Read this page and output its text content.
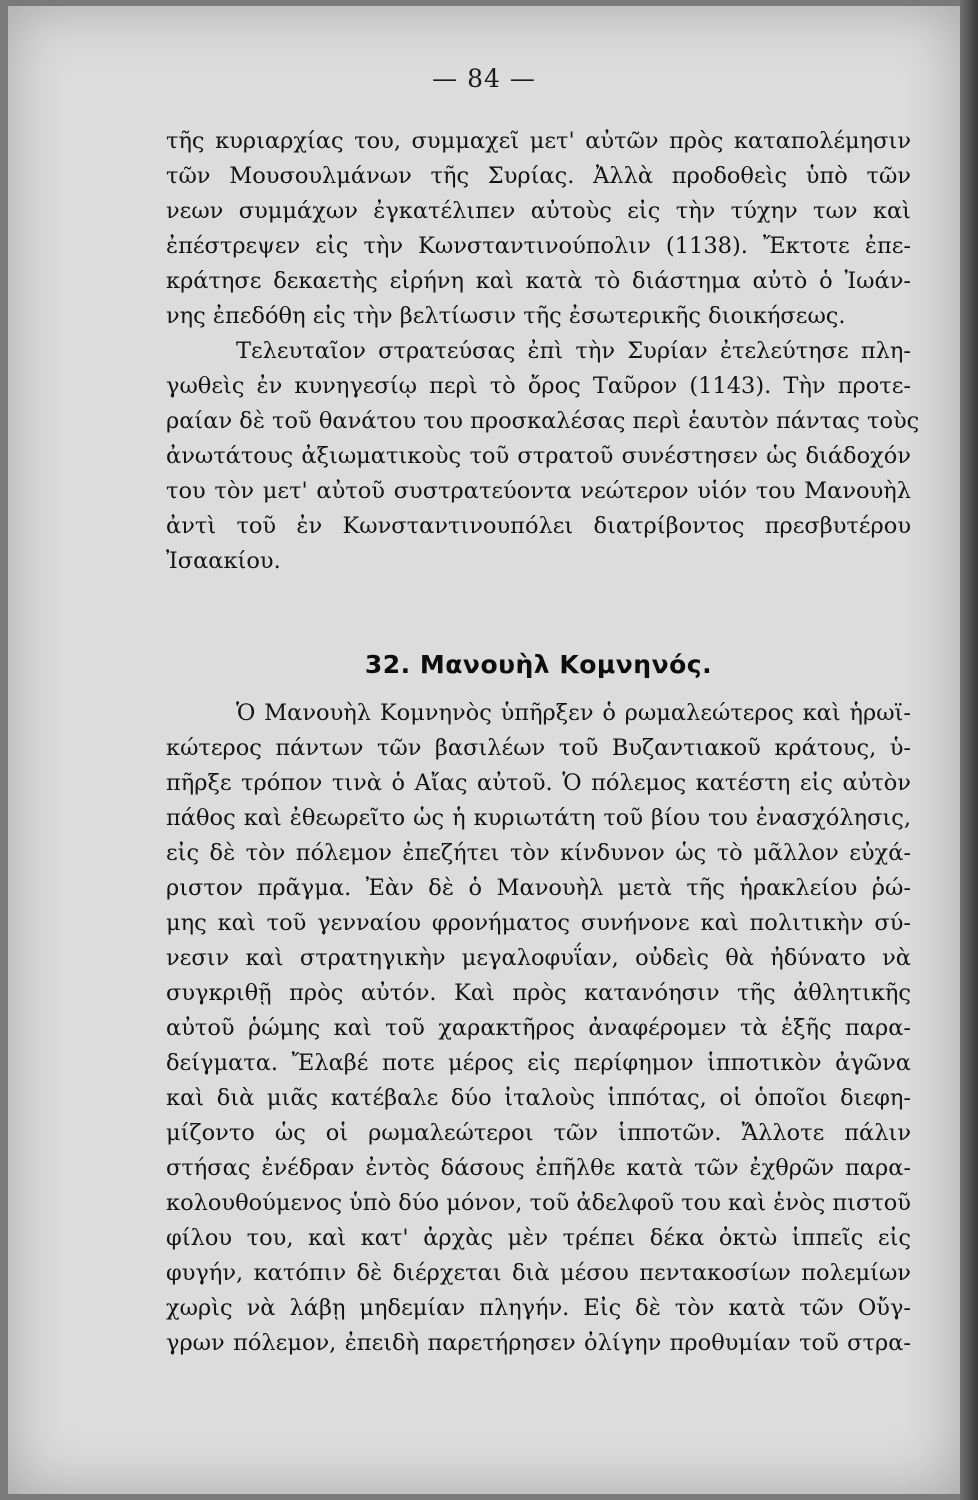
— 84 —
τῆς κυριαρχίας του, συμμαχεῖ μετ' αὐτῶν πρὸς καταπολέμησιν
τῶν Μουσουλμάνων τῆς Συρίας. Ἀλλὰ προδοθεὶς ὑπὸ τῶν
νεων συμμάχων ἐγκατέλιπεν αὐτοὺς εἰς τὴν τύχην των καὶ
ἐπέστρεψεν εἰς τὴν Κωνσταντινούπολιν (1138). Ἔκτοτε ἐπε-
κράτησε δεκαετὴς εἰρήνη καὶ κατὰ τὸ διάστημα αὐτὸ ὁ Ἰωάν-
νης ἐπεδόθη εἰς τὴν βελτίωσιν τῆς ἐσωτερικῆς διοικήσεως.
Τελευταῖον στρατεύσας ἐπὶ τὴν Συρίαν ἐτελεύτησε πλη-
γωθεὶς ἐν κυνηγεσίῳ περὶ τὸ ὄρος Ταῦρον (1143). Τὴν προτε-
ραίαν δὲ τοῦ θανάτου του προσκαλέσας περὶ ἑαυτὸν πάντας τοὺς
ἀνωτάτους ἀξιωματικοὺς τοῦ στρατοῦ συνέστησεν ὡς διάδοχόν
του τὸν μετ' αὐτοῦ συστρατεύοντα νεώτερον υἱόν του Μανουὴλ
ἀντὶ τοῦ ἐν Κωνσταντινουπόλει διατρίβοντος πρεσβυτέρου
Ἰσαακίου.
32. Μανουὴλ Κομνηνός.
Ὁ Μανουὴλ Κομνηνὸς ὑπῆρξεν ὁ ρωμαλεώτερος καὶ ἡρωϊ-
κώτερος πάντων τῶν βασιλέων τοῦ Βυζαντιακοῦ κράτους, ὑ-
πῆρξε τρόπον τινὰ ὁ Αἴας αὐτοῦ. Ὁ πόλεμος κατέστη εἰς αὐτὸν
πάθος καὶ ἐθεωρεῖτο ὡς ἡ κυριωτάτη τοῦ βίου του ἐνασχόλησις,
εἰς δὲ τὸν πόλεμον ἐπεζήτει τὸν κίνδυνον ὡς τὸ μᾶλλον εὐχά-
ριστον πρᾶγμα. Ἐὰν δὲ ὁ Μανουὴλ μετὰ τῆς ἡρακλείου ῥώ-
μης καὶ τοῦ γενναίου φρονήματος συνήνονε καὶ πολιτικὴν σύ-
νεσιν καὶ στρατηγικὴν μεγαλοφυΐαν, οὐδεὶς θὰ ἠδύνατο νὰ
συγκριθῇ πρὸς αὐτόν. Καὶ πρὸς κατανόησιν τῆς ἀθλητικῆς
αὐτοῦ ῥώμης καὶ τοῦ χαρακτῆρος ἀναφέρομεν τὰ ἑξῆς παρα-
δείγματα. Ἔλαβέ ποτε μέρος εἰς περίφημον ἱπποτικὸν ἀγῶνα
καὶ διὰ μιᾶς κατέβαλε δύο ἰταλοὺς ἱππότας, οἱ ὁποῖοι διεφη-
μίζοντο ὡς οἱ ρωμαλεώτεροι τῶν ἱπποτῶν. Ἄλλοτε πάλιν
στήσας ἐνέδραν ἐντὸς δάσους ἐπῆλθε κατὰ τῶν ἐχθρῶν παρα-
κολουθούμενος ὑπὸ δύο μόνον, τοῦ ἀδελφοῦ του καὶ ἑνὸς πιστοῦ
φίλου του, καὶ κατ' ἀρχὰς μὲν τρέπει δέκα ὀκτὼ ἱππεῖς εἰς
φυγήν, κατόπιν δὲ διέρχεται διὰ μέσου πεντακοσίων πολεμίων
χωρὶς νὰ λάβῃ μηδεμίαν πληγήν. Εἰς δὲ τὸν κατὰ τῶν Οὔγ-
γρων πόλεμον, ἐπειδὴ παρετήρησεν ὀλίγην προθυμίαν τοῦ στρα-
